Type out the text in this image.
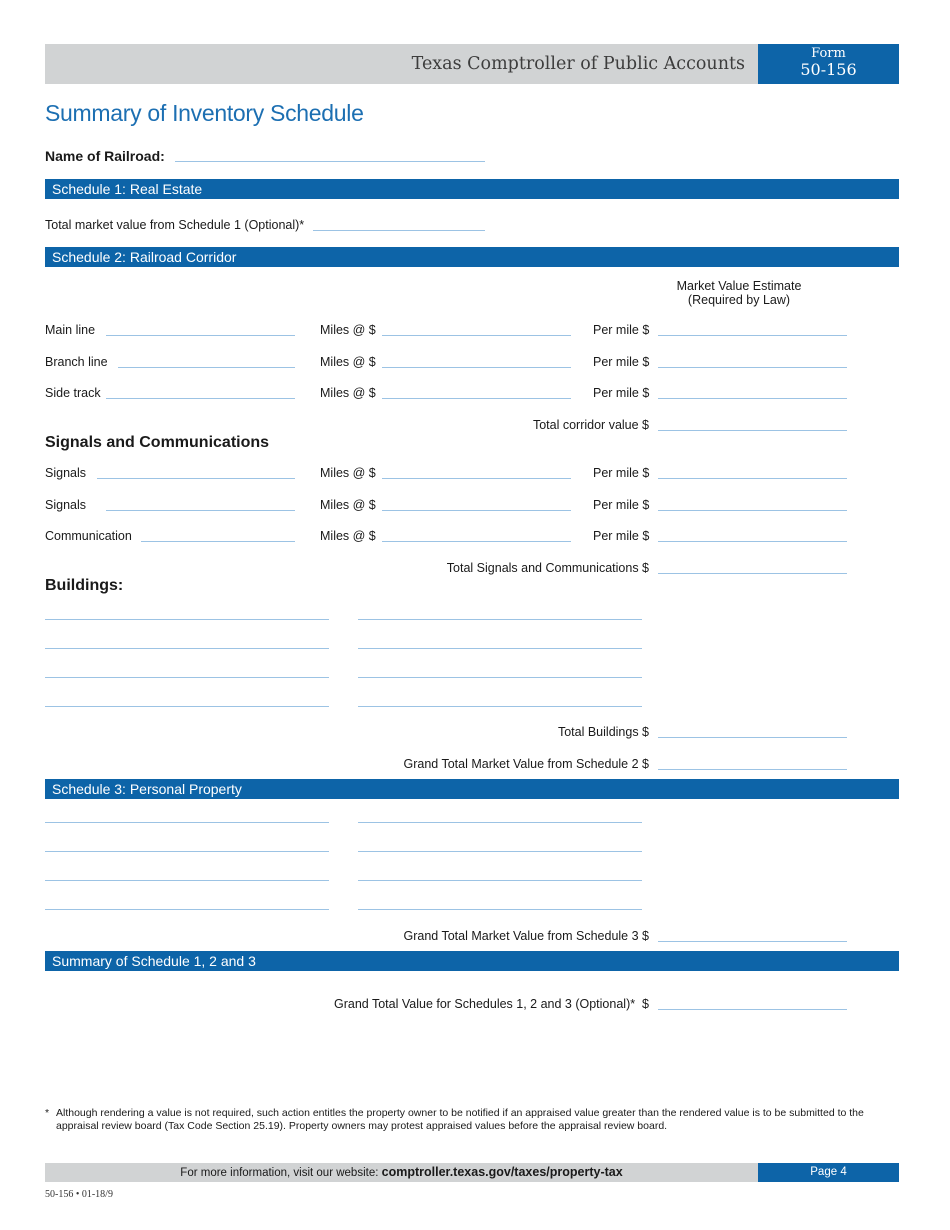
Texas Comptroller of Public Accounts
Form
50-156
Summary of Inventory Schedule
Name of Railroad:
Schedule 1: Real Estate
Total market value from Schedule 1 (Optional)*
Schedule 2: Railroad Corridor
Market Value Estimate
(Required by Law)
Main line	Miles @ $	Per mile $
Branch line	Miles @ $	Per mile $
Side track	Miles @ $	Per mile $
Total corridor value $
Signals and Communications
Signals	Miles @ $	Per mile $
Signals	Miles @ $	Per mile $
Communication	Miles @ $	Per mile $
Total Signals and Communications $
Buildings:
Total Buildings $
Grand Total Market Value from Schedule 2 $
Schedule 3: Personal Property
Grand Total Market Value from Schedule 3 $
Summary of Schedule 1, 2 and 3
Grand Total Value for Schedules 1, 2 and 3 (Optional)*  $
* Although rendering a value is not required, such action entitles the property owner to be notified if an appraised value greater than the rendered value is to be submitted to the appraisal review board (Tax Code Section 25.19). Property owners may protest appraised values before the appraisal review board.
For more information, visit our website: comptroller.texas.gov/taxes/property-tax	Page 4
50-156 • 01-18/9
